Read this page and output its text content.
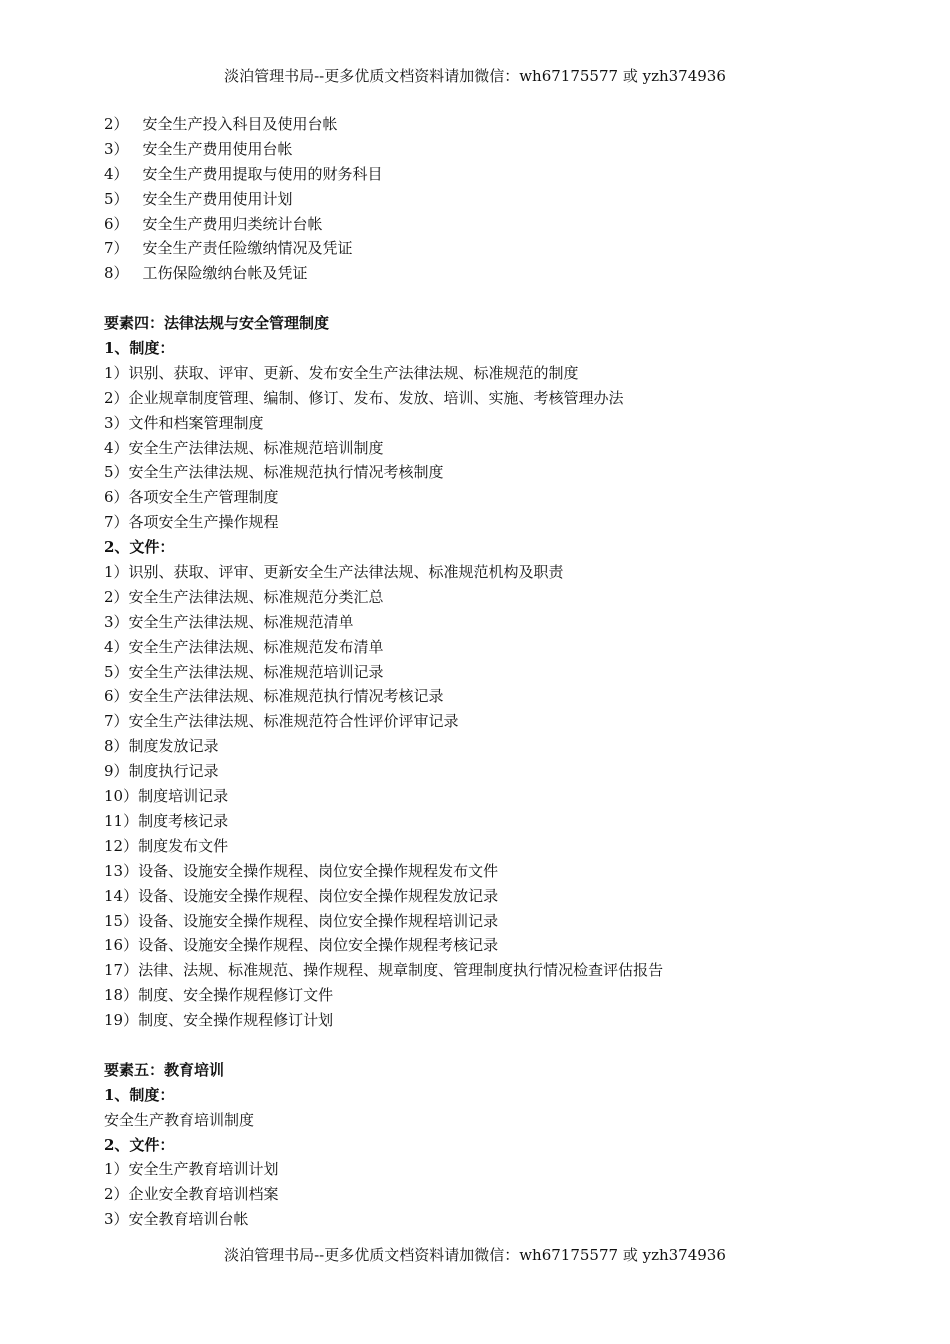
淡泊管理书局--更多优质文档资料请加微信：wh67175577 或 yzh374936
2） 安全生产投入科目及使用台帐
3） 安全生产费用使用台帐
4） 安全生产费用提取与使用的财务科目
5） 安全生产费用使用计划
6） 安全生产费用归类统计台帐
7） 安全生产责任险缴纳情况及凭证
8） 工伤保险缴纳台帐及凭证
要素四：法律法规与安全管理制度
1、制度：
1）识别、获取、评审、更新、发布安全生产法律法规、标准规范的制度
2）企业规章制度管理、编制、修订、发布、发放、培训、实施、考核管理办法
3）文件和档案管理制度
4）安全生产法律法规、标准规范培训制度
5）安全生产法律法规、标准规范执行情况考核制度
6）各项安全生产管理制度
7）各项安全生产操作规程
2、文件：
1）识别、获取、评审、更新安全生产法律法规、标准规范机构及职责
2）安全生产法律法规、标准规范分类汇总
3）安全生产法律法规、标准规范清单
4）安全生产法律法规、标准规范发布清单
5）安全生产法律法规、标准规范培训记录
6）安全生产法律法规、标准规范执行情况考核记录
7）安全生产法律法规、标准规范符合性评价评审记录
8）制度发放记录
9）制度执行记录
10）制度培训记录
11）制度考核记录
12）制度发布文件
13）设备、设施安全操作规程、岗位安全操作规程发布文件
14）设备、设施安全操作规程、岗位安全操作规程发放记录
15）设备、设施安全操作规程、岗位安全操作规程培训记录
16）设备、设施安全操作规程、岗位安全操作规程考核记录
17）法律、法规、标准规范、操作规程、规章制度、管理制度执行情况检查评估报告
18）制度、安全操作规程修订文件
19）制度、安全操作规程修订计划
要素五：教育培训
1、制度：
安全生产教育培训制度
2、文件：
1）安全生产教育培训计划
2）企业安全教育培训档案
3）安全教育培训台帐
淡泊管理书局--更多优质文档资料请加微信：wh67175577 或 yzh374936
